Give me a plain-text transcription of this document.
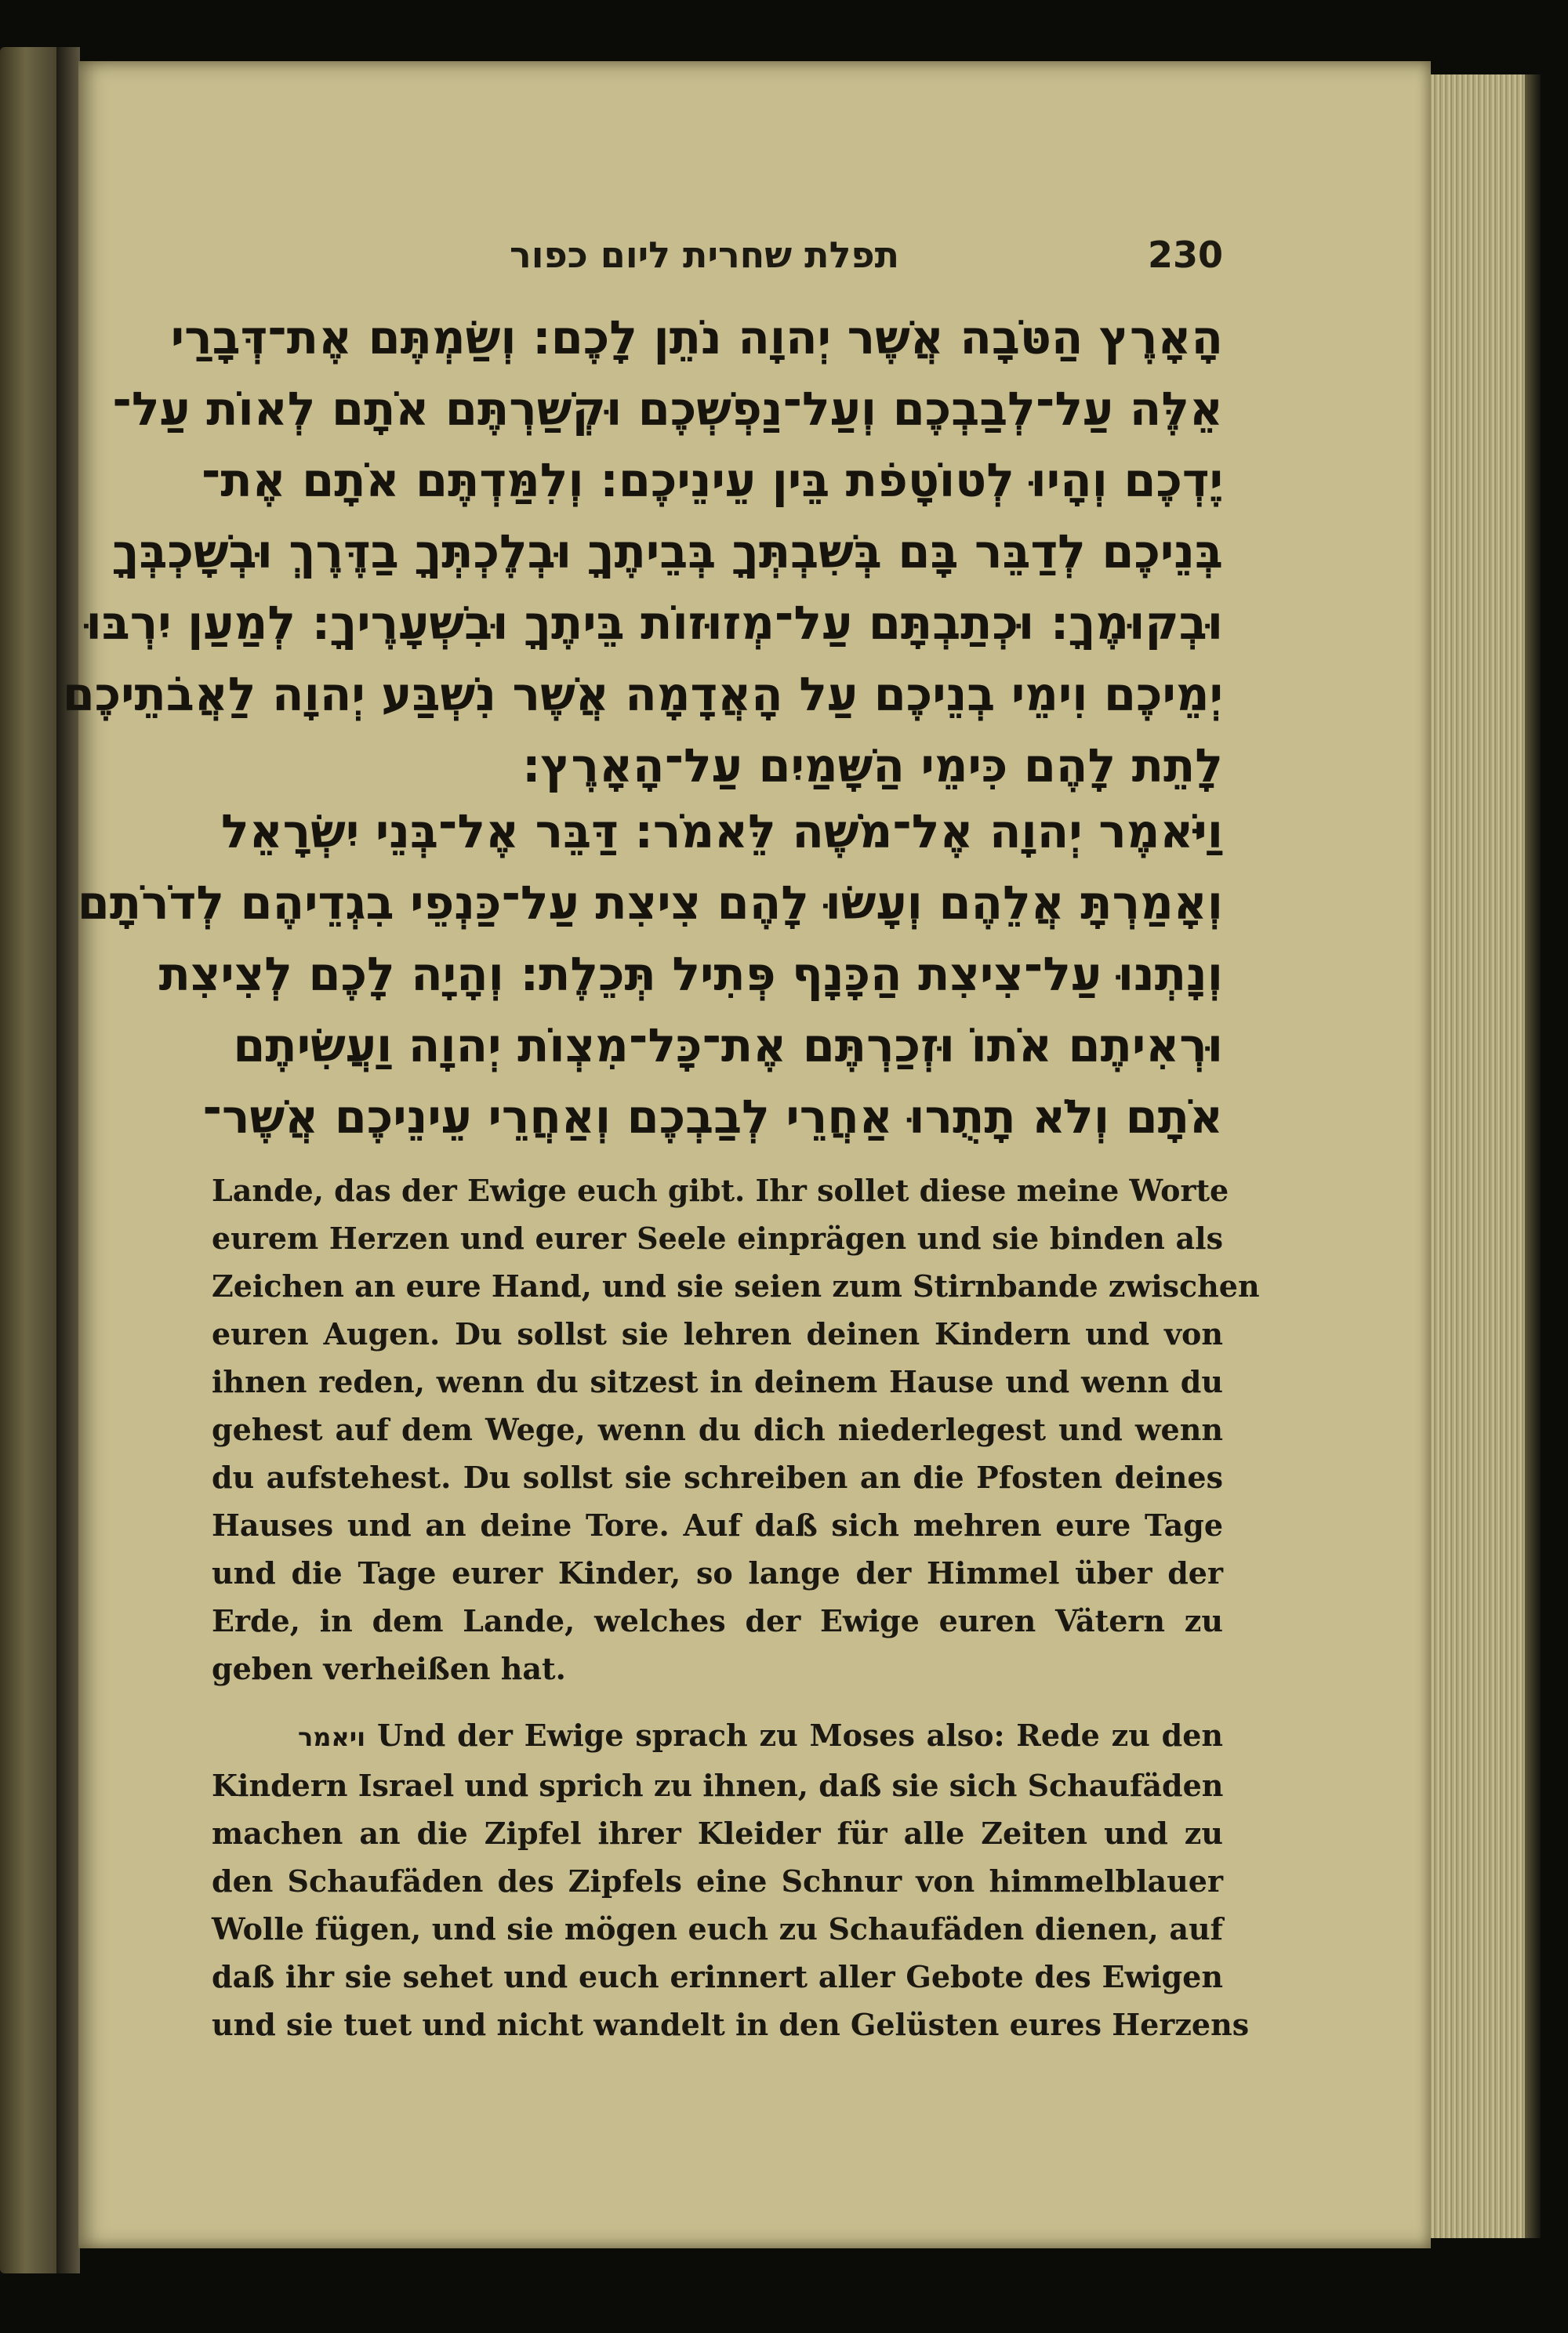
תפלת שחרית ליום כפור	230
הָאָרֶץ הַטֹּבָה אֲשֶׁר יְהוָה נֹתֵן לָכֶם: וְשַׂמְתֶּם אֶת־דְּבָרַי
אֵלֶּה עַל־לְבַבְכֶם וְעַל־נַפְשְׁכֶם וּקְשַׁרְתֶּם אֹתָם לְאוֹת עַל־
יֶדְכֶם וְהָיוּ לְטוֹטָפֹת בֵּין עֵינֵיכֶם: וְלִמַּדְתֶּם אֹתָם אֶת־
בְּנֵיכֶם לְדַבֵּר בָּם בְּשִׁבְתְּךָ בְּבֵיתֶךָ וּבְלֶכְתְּךָ בַדֶּרֶךְ וּבְשָׁכְבְּךָ
וּבְקוּמֶךָ: וּכְתַבְתָּם עַל־מְזוּזוֹת בֵּיתֶךָ וּבִשְׁעָרֶיךָ: לְמַעַן יִרְבּוּ
יְמֵיכֶם וִימֵי בְנֵיכֶם עַל הָאֲדָמָה אֲשֶׁר נִשְׁבַּע יְהוָה לַאֲבֹתֵיכֶם
לָתֵת לָהֶם כִּימֵי הַשָּׁמַיִם עַל־הָאָרֶץ:
וַיֹּאמֶר יְהוָה אֶל־מֹשֶׁה לֵּאמֹר: דַּבֵּר אֶל־בְּנֵי יִשְׂרָאֵל
וְאָמַרְתָּ אֲלֵהֶם וְעָשׂוּ לָהֶם צִיצִת עַל־כַּנְפֵי בִגְדֵיהֶם לְדֹרֹתָם
וְנָתְנוּ עַל־צִיצִת הַכָּנָף פְּתִיל תְּכֵלֶת: וְהָיָה לָכֶם לְצִיצִת
וּרְאִיתֶם אֹתוֹ וּזְכַרְתֶּם אֶת־כָּל־מִצְוֹת יְהוָה וַעֲשִׂיתֶם
אֹתָם וְלֹא תָתֻרוּ אַחֲרֵי לְבַבְכֶם וְאַחֲרֵי עֵינֵיכֶם אֲשֶׁר־
Lande, das der Ewige euch gibt. Ihr sollet diese meine Worte
eurem Herzen und eurer Seele einprägen und sie binden als
Zeichen an eure Hand, und sie seien zum Stirnbande zwischen
euren Augen. Du sollst sie lehren deinen Kindern und von
ihnen reden, wenn du sitzest in deinem Hause und wenn du
gehest auf dem Wege, wenn du dich niederlegest und wenn
du aufstehest. Du sollst sie schreiben an die Pfosten deines
Hauses und an deine Tore. Auf daß sich mehren eure Tage
und die Tage eurer Kinder, so lange der Himmel über der
Erde, in dem Lande, welches der Ewige euren Vätern zu
geben verheißen hat.
ויאמר Und der Ewige sprach zu Moses also: Rede zu den
Kindern Israel und sprich zu ihnen, daß sie sich Schaufäden
machen an die Zipfel ihrer Kleider für alle Zeiten und zu
den Schaufäden des Zipfels eine Schnur von himmelblauer
Wolle fügen, und sie mögen euch zu Schaufäden dienen, auf
daß ihr sie sehet und euch erinnert aller Gebote des Ewigen
und sie tuet und nicht wandelt in den Gelüsten eures Herzens
